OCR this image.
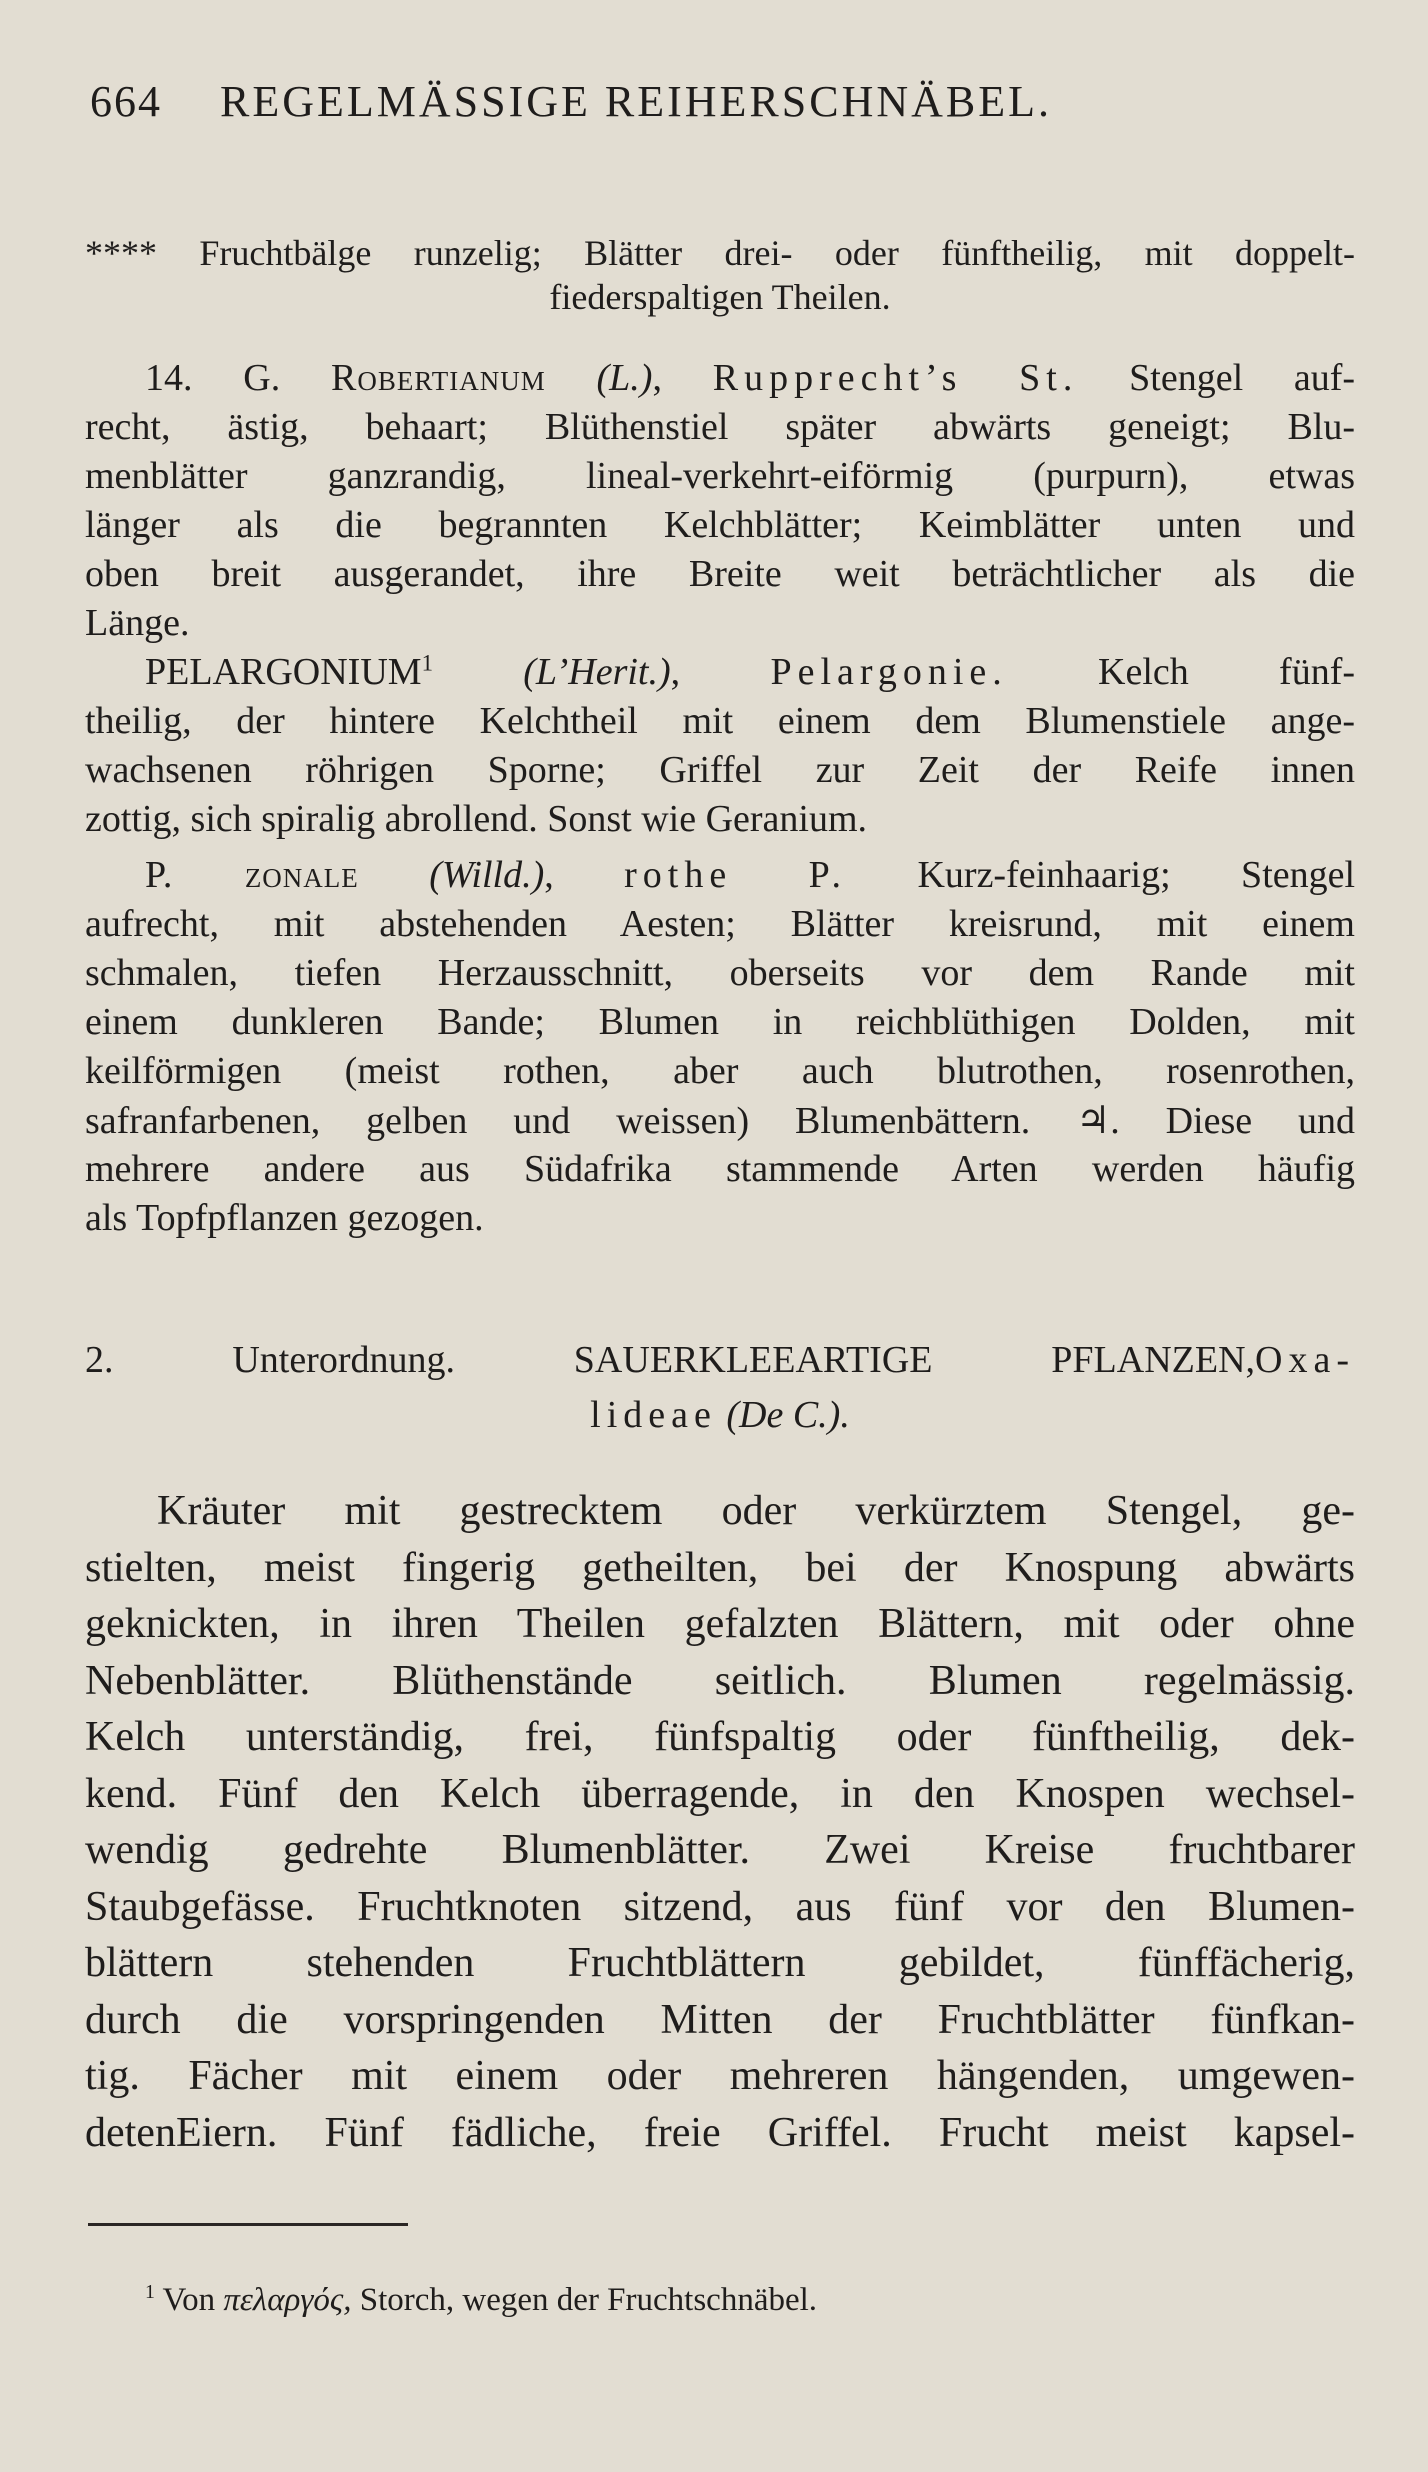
664 REGELMÄSSIGE REIHERSCHNÄBEL.
**** Fruchtbälge runzelig; Blätter drei- oder fünftheilig, mit doppelt-
fiederspaltigen Theilen.
14. G. Robertianum (L.), Rupprecht’s St. Stengel auf-
recht, ästig, behaart; Blüthenstiel später abwärts geneigt; Blu-
menblätter ganzrandig, lineal-verkehrt-eiförmig (purpurn), etwas
länger als die begrannten Kelchblätter; Keimblätter unten und
oben breit ausgerandet, ihre Breite weit beträchtlicher als die
Länge.
PELARGONIUM$^1$ (L’Herit.), Pelargonie. Kelch fünf-
theilig, der hintere Kelchtheil mit einem dem Blumenstiele ange-
wachsenen röhrigen Sporne; Griffel zur Zeit der Reife innen
zottig, sich spiralig abrollend. Sonst wie Geranium.
P. zonale (Willd.), rothe P. Kurz-feinhaarig; Stengel
aufrecht, mit abstehenden Aesten; Blätter kreisrund, mit einem
schmalen, tiefen Herzausschnitt, oberseits vor dem Rande mit
einem dunkleren Bande; Blumen in reichblüthigen Dolden, mit
keilförmigen (meist rothen, aber auch blutrothen, rosenrothen,
safranfarbenen, gelben und weissen) Blumenbättern. ♃. Diese und
mehrere andere aus Südafrika stammende Arten werden häufig
als Topfpflanzen gezogen.
2. Unterordnung. SAUERKLEEARTIGE PFLANZEN,Oxa-
lideae (De C.).
Kräuter mit gestrecktem oder verkürztem Stengel, ge-
stielten, meist fingerig getheilten, bei der Knospung abwärts
geknickten, in ihren Theilen gefalzten Blättern, mit oder ohne
Nebenblätter. Blüthenstände seitlich. Blumen regelmässig.
Kelch unterständig, frei, fünfspaltig oder fünftheilig, dek-
kend. Fünf den Kelch überragende, in den Knospen wechsel-
wendig gedrehte Blumenblätter. Zwei Kreise fruchtbarer
Staubgefässe. Fruchtknoten sitzend, aus fünf vor den Blumen-
blättern stehenden Fruchtblättern gebildet, fünffächerig,
durch die vorspringenden Mitten der Fruchtblätter fünfkan-
tig. Fächer mit einem oder mehreren hängenden, umgewen-
detenEiern. Fünf fädliche, freie Griffel. Frucht meist kapsel-
$^1$ Von πελαργός, Storch, wegen der Fruchtschnäbel.
